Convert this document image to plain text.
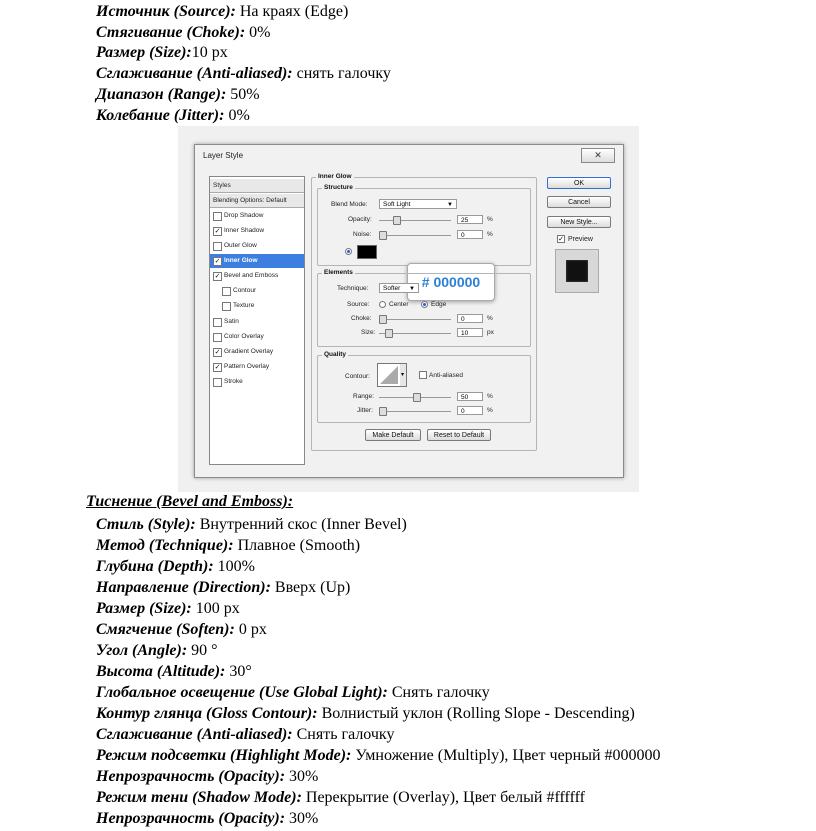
Источник (Source): На краях (Edge)
Стягивание (Choke): 0%
Размер (Size):10 px
Сглаживание (Anti-aliased): снять галочку
Диапазон (Range): 50%
Колебание (Jitter): 0%
Layer Style	✕
Styles
Blending Options: Default
Drop Shadow
✓ Inner Shadow
Outer Glow
✓ Inner Glow
✓ Bevel and Emboss
Contour
Texture
Satin
Color Overlay
✓ Gradient Overlay
✓ Pattern Overlay
Stroke
Inner Glow
Structure
Blend Mode:	Soft Light	▼
Opacity:	25	%
Noise:	0	%
# 000000
Elements
Technique:	Softer ▼
Source:	Center	Edge
Choke:	0	%
Size:	10	px
Quality
Contour:	▾	Anti-aliased
Range:	50	%
Jitter:	0	%
Make Default	Reset to Default
OK
Cancel
New Style...
✓ Preview
Тиснение (Bevel and Emboss):
Стиль (Style): Внутренний скос (Inner Bevel)
Метод (Technique): Плавное (Smooth)
Глубина (Depth): 100%
Направление (Direction): Вверх (Up)
Размер (Size): 100 px
Смягчение (Soften): 0 px
Угол (Angle): 90 °
Высота (Altitude): 30°
Глобальное освещение (Use Global Light): Снять галочку
Контур глянца (Gloss Contour): Волнистый уклон (Rolling Slope - Descending)
Сглаживание (Anti-aliased): Снять галочку
Режим подсветки (Highlight Mode): Умножение (Multiply), Цвет черный #000000
Непрозрачность (Opacity): 30%
Режим тени (Shadow Mode): Перекрытие (Overlay), Цвет белый #ffffff
Непрозрачность (Opacity): 30%
